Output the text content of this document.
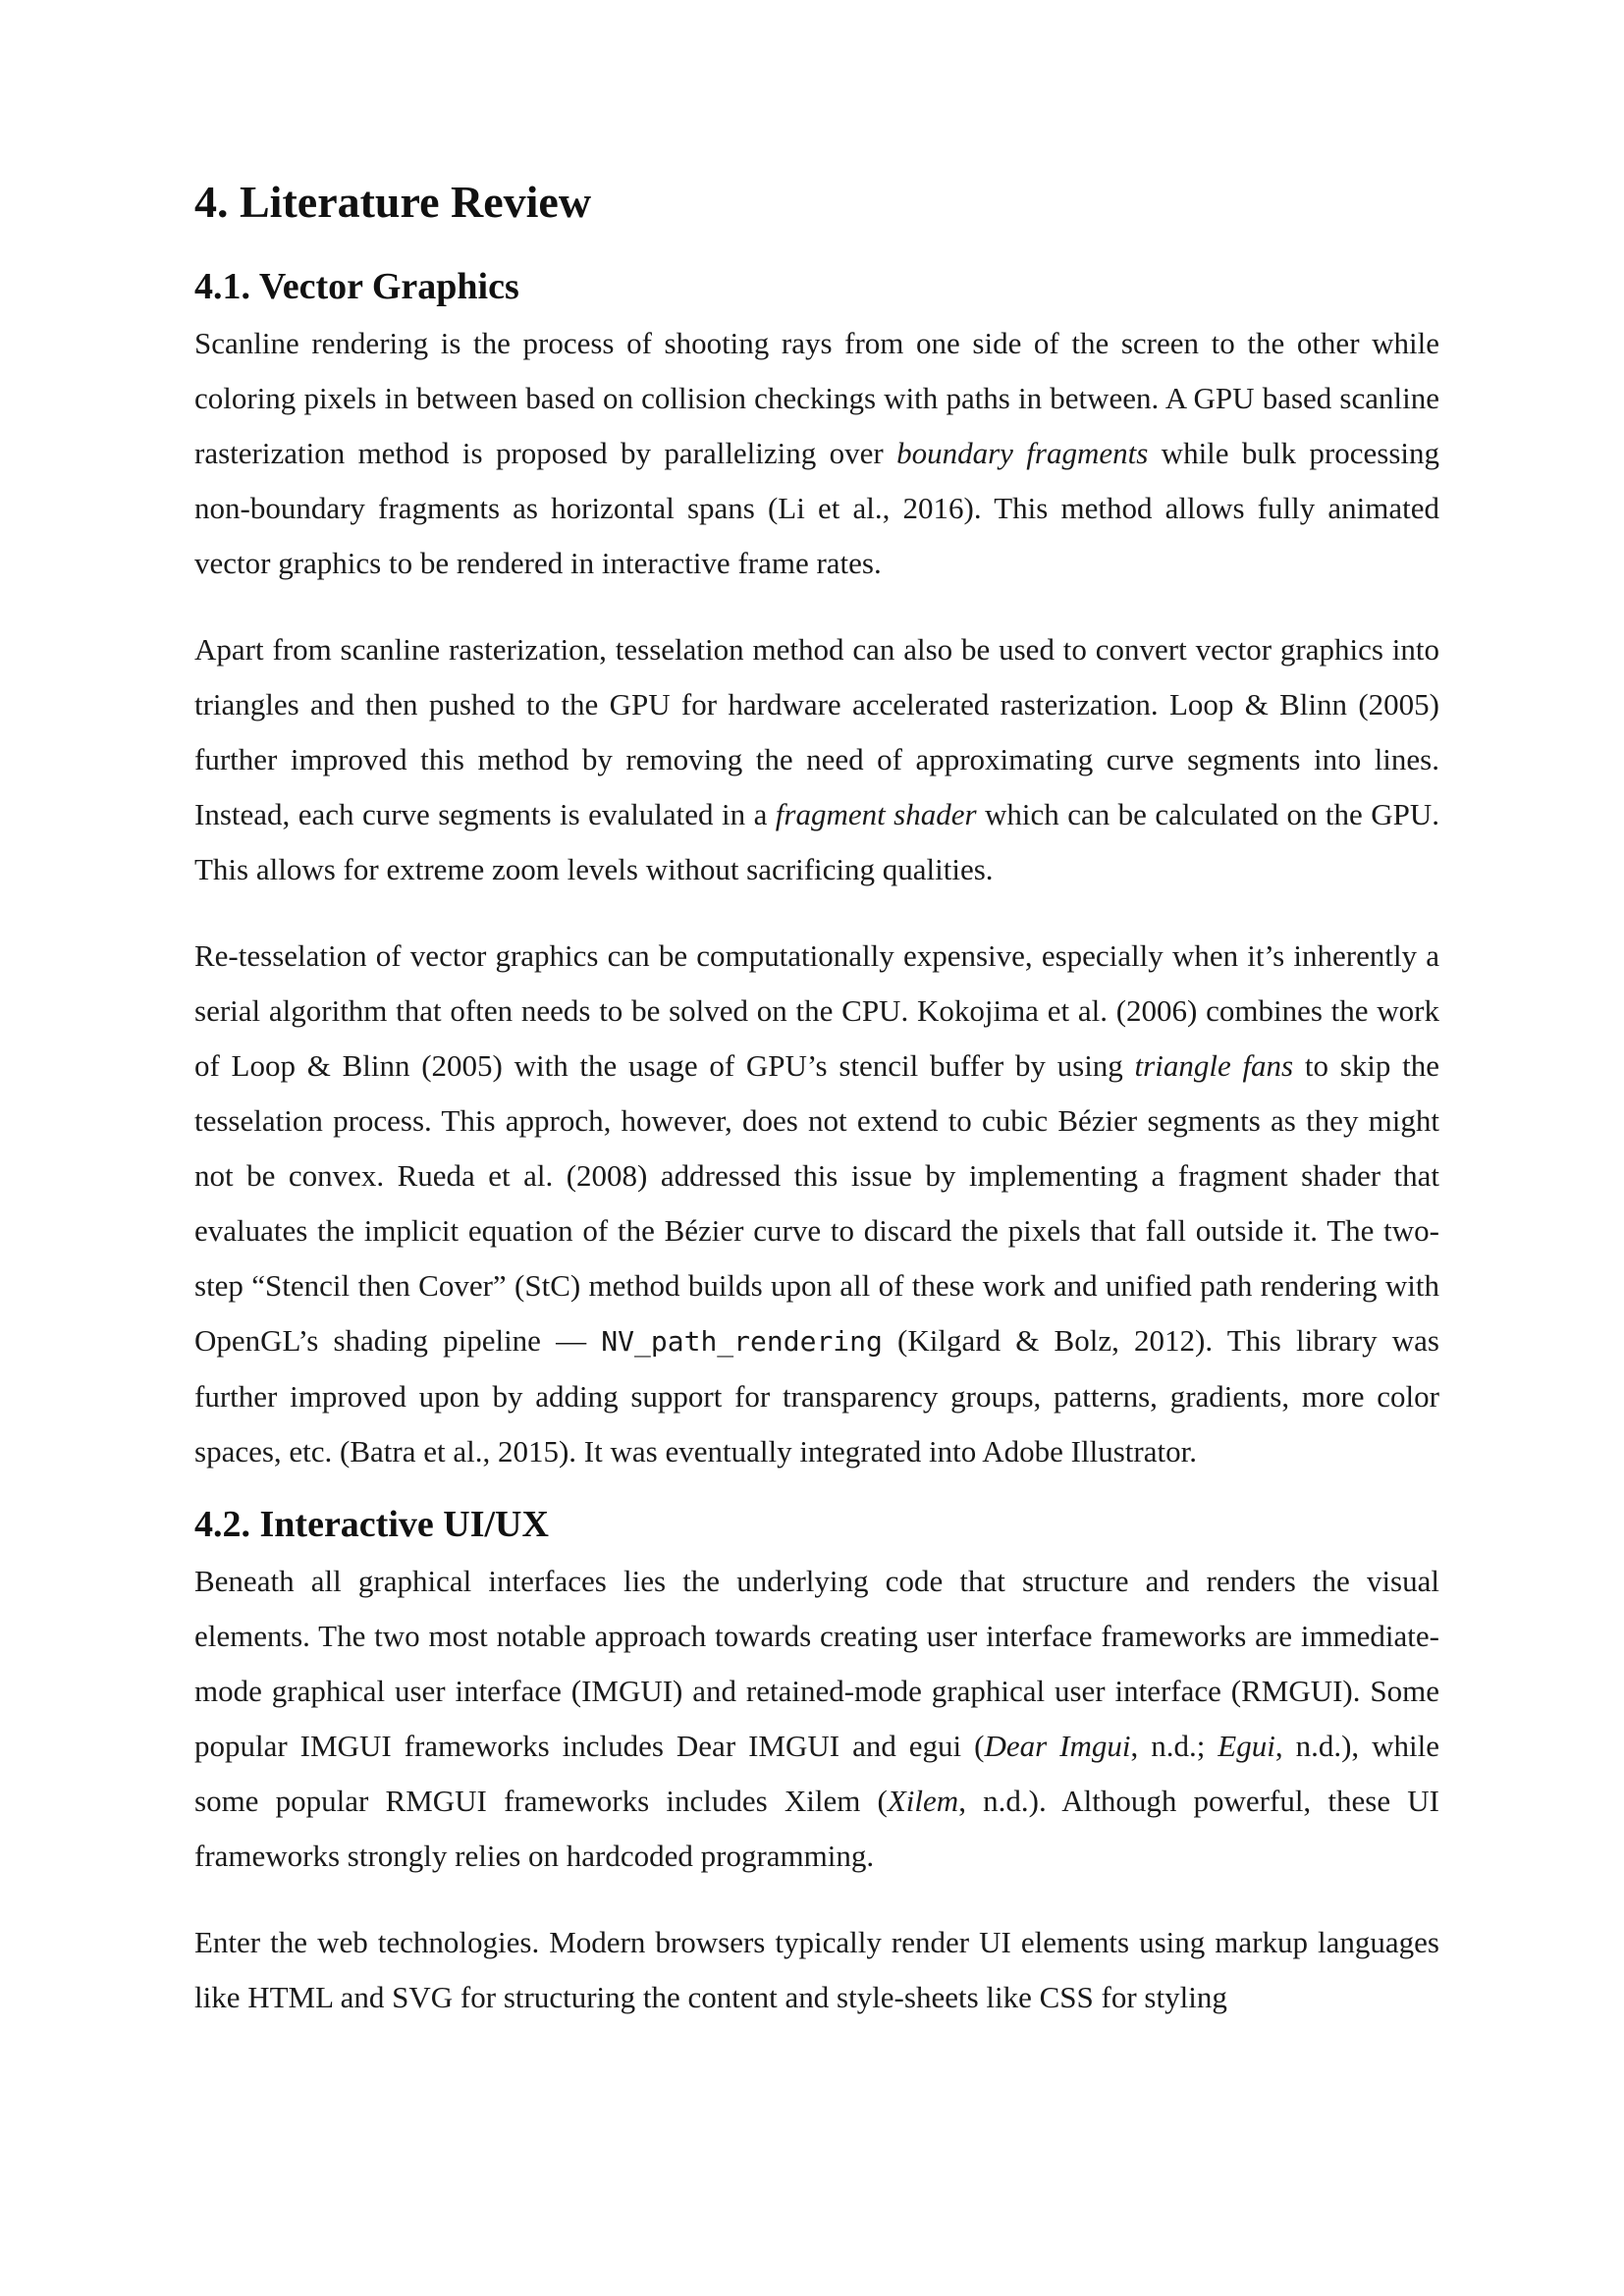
4. Literature Review
4.1. Vector Graphics

Scanline rendering is the process of shooting rays from one side of the screen to the other while coloring pixels in between based on collision checkings with paths in between. A GPU based scanline rasterization method is proposed by parallelizing over boundary fragments while bulk processing non-boundary fragments as horizontal spans (Li et al., 2016). This method allows fully animated vector graphics to be rendered in interactive frame rates.

Apart from scanline rasterization, tesselation method can also be used to convert vector graphics into triangles and then pushed to the GPU for hardware accelerated rasterization. Loop & Blinn (2005) further improved this method by removing the need of approximating curve segments into lines. Instead, each curve segments is evalulated in a fragment shader which can be calculated on the GPU. This allows for extreme zoom levels without sacrificing qualities.

Re-tesselation of vector graphics can be computationally expensive, especially when it’s inherently a serial algorithm that often needs to be solved on the CPU. Kokojima et al. (2006) combines the work of Loop & Blinn (2005) with the usage of GPU’s stencil buffer by using triangle fans to skip the tesselation process. This approch, however, does not extend to cubic Bézier segments as they might not be convex. Rueda et al. (2008) addressed this issue by implementing a fragment shader that evaluates the implicit equation of the Bézier curve to discard the pixels that fall outside it. The two-step “Stencil then Cover” (StC) method builds upon all of these work and unified path rendering with OpenGL’s shading pipeline — NV_path_rendering (Kilgard & Bolz, 2012). This library was further improved upon by adding support for transparency groups, patterns, gradients, more color spaces, etc. (Batra et al., 2015). It was eventually integrated into Adobe Illustrator.

4.2. Interactive UI/UX

Beneath all graphical interfaces lies the underlying code that structure and renders the visual elements. The two most notable approach towards creating user interface frameworks are immediate-mode graphical user interface (IMGUI) and retained-mode graphical user interface (RMGUI). Some popular IMGUI frameworks includes Dear IMGUI and egui (Dear Imgui, n.d.; Egui, n.d.), while some popular RMGUI frameworks includes Xilem (Xilem, n.d.). Although powerful, these UI frameworks strongly relies on hardcoded programming.

Enter the web technologies. Modern browsers typically render UI elements using markup languages like HTML and SVG for structuring the content and style-sheets like CSS for styling
